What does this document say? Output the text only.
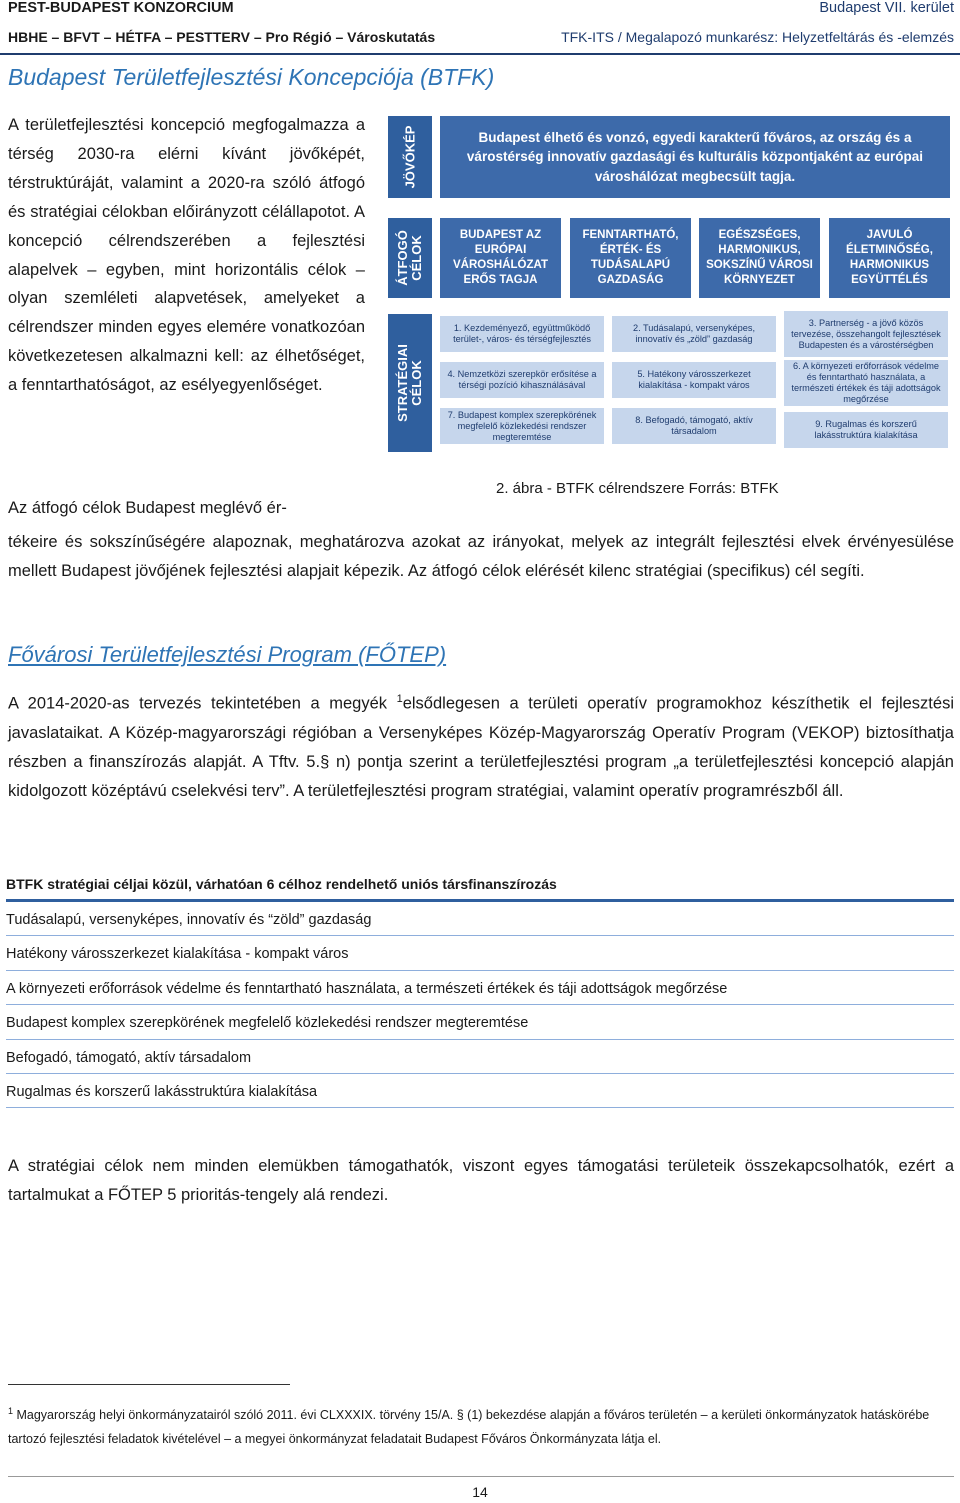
PEST-BUDAPEST KONZORCIUM	Budapest VII. kerület
HBHE – BFVT – HÉTFA – PESTTERV – Pro Régió – Városkutatás	TFK-ITS / Megalapozó munkarész: Helyzetfeltárás és -elemzés
Budapest Területfejlesztési Koncepciója (BTFK)
A területfejlesztési koncepció megfogalmazza a térség 2030-ra elérni kívánt jövőképét, térstruktúráját, valamint a 2020-ra szóló átfogó és stratégiai célokban előirányzott célállapotot. A koncepció célrendszerében a fejlesztési alapelvek – egyben, mint horizontális célok – olyan szemléleti alapvetések, amelyeket a célrendszer minden egyes elemére vonatkozóan következetesen alkalmazni kell: az élhetőséget, a fenntarthatóságot, az esélyegyenlőséget.
JÖVŐKÉP
ÁTFOGÓ CÉLOK
STRATÉGIAI CÉLOK
Budapest élhető és vonzó, egyedi karakterű főváros, az ország és a várostérség innovatív gazdasági és kulturális központjaként az európai városhálózat megbecsült tagja.
BUDAPEST AZ EURÓPAI VÁROSHÁLÓZAT ERŐS TAGJA
FENNTARTHATÓ, ÉRTÉK- ÉS TUDÁSALAPÚ GAZDASÁG
EGÉSZSÉGES, HARMONIKUS, SOKSZÍNŰ VÁROSI KÖRNYEZET
JAVULÓ ÉLETMINŐSÉG, HARMONIKUS EGYÜTTÉLÉS
1. Kezdeményező, együttműködő terület-, város- és térségfejlesztés
2. Tudásalapú, versenyképes, innovatív és „zöld” gazdaság
3. Partnerség - a jövő közös tervezése, összehangolt fejlesztések Budapesten és a várostérségben
4. Nemzetközi szerepkör erősítése a térségi pozíció kihasználásával
5. Hatékony városszerkezet kialakítása - kompakt város
6. A környezeti erőforrások védelme és fenntartható használata, a természeti értékek és táji adottságok megőrzése
7. Budapest komplex szerepkörének megfelelő közlekedési rendszer megteremtése
8. Befogadó, támogató, aktív társadalom
9. Rugalmas és korszerű lakásstruktúra kialakítása
2. ábra - BTFK célrendszere Forrás: BTFK
Az átfogó célok Budapest meglévő ér-
tékeire és sokszínűségére alapoznak, meghatározva azokat az irányokat, melyek az integrált fejlesztési elvek érvényesülése mellett Budapest jövőjének fejlesztési alapjait képezik. Az átfogó célok elérését kilenc stratégiai (specifikus) cél segíti.
Fővárosi Területfejlesztési Program (FŐTEP)
A 2014-2020-as tervezés tekintetében a megyék $^1$elsődlegesen a területi operatív programokhoz készíthetik el fejlesztési javaslataikat. A Közép-magyarországi régióban a Versenyképes Közép-Magyarország Operatív Program (VEKOP) biztosíthatja részben a finanszírozás alapját. A Tftv. 5.§ n) pontja szerint a területfejlesztési program „a területfejlesztési koncepció alapján kidolgozott középtávú cselekvési terv”. A területfejlesztési program stratégiai, valamint operatív programrészből áll.
BTFK stratégiai céljai közül, várhatóan 6 célhoz rendelhető uniós társfinanszírozás
Tudásalapú, versenyképes, innovatív és “zöld” gazdaság
Hatékony városszerkezet kialakítása - kompakt város
A környezeti erőforrások védelme és fenntartható használata, a természeti értékek és táji adottságok megőrzése
Budapest komplex szerepkörének megfelelő közlekedési rendszer megteremtése
Befogadó, támogató, aktív társadalom
Rugalmas és korszerű lakásstruktúra kialakítása
A stratégiai célok nem minden elemükben támogathatók, viszont egyes támogatási területeik összekapcsolhatók, ezért a tartalmukat a FŐTEP 5 prioritás-tengely alá rendezi.
$^1$ Magyarország helyi önkormányzatairól szóló 2011. évi CLXXXIX. törvény 15/A. § (1) bekezdése alapján a főváros területén – a kerületi önkormányzatok hatáskörébe tartozó fejlesztési feladatok kivételével – a megyei önkormányzat feladatait Budapest Főváros Önkormányzata látja el.
14
